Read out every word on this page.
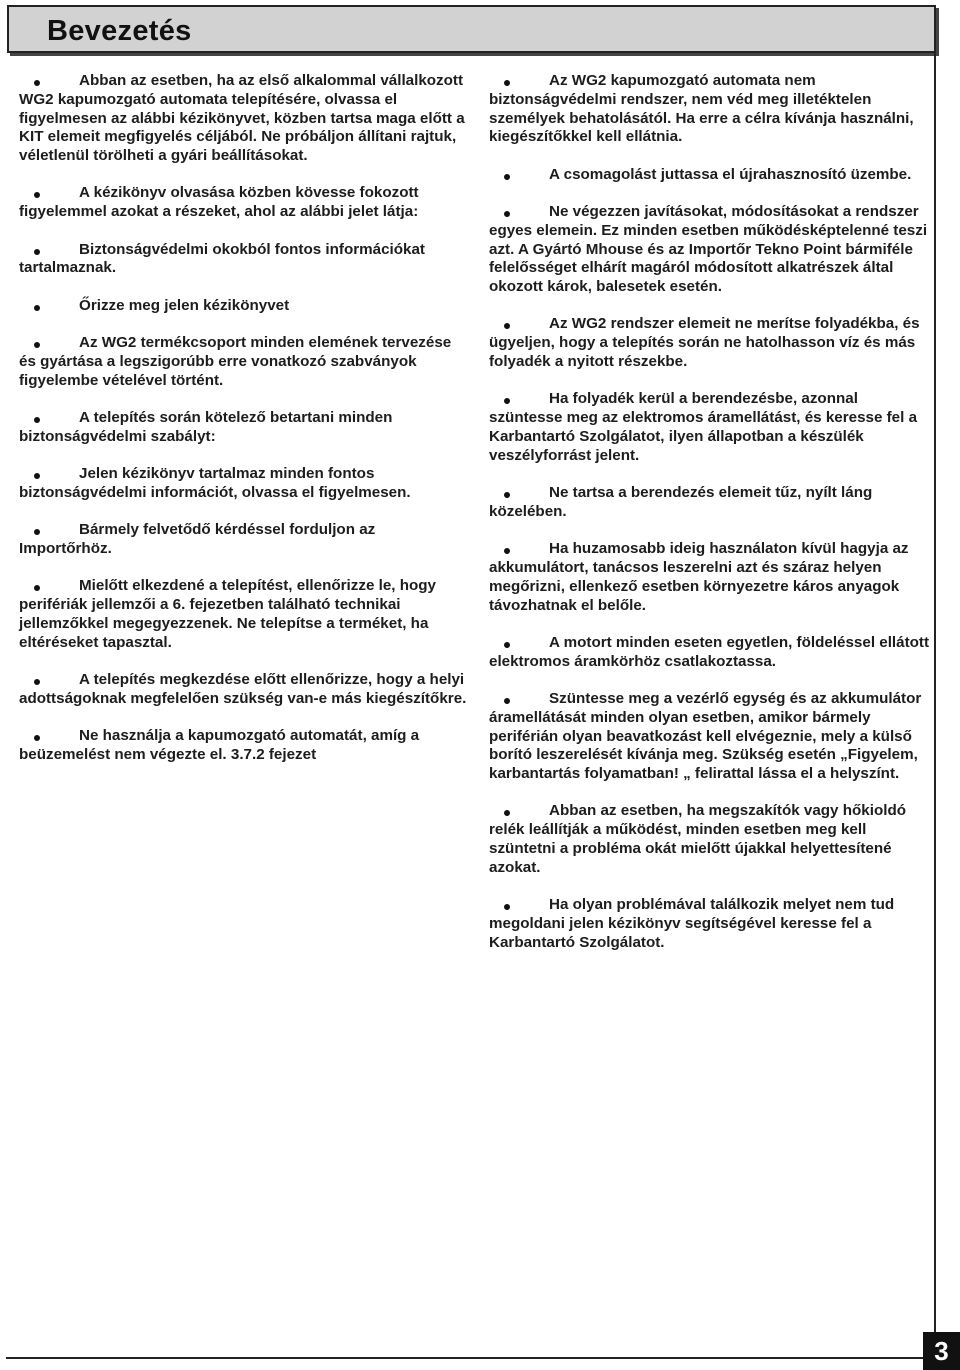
Bevezetés

Abban az esetben, ha az első alkalommal vállalkozott WG2 kapumozgató automata telepítésére, olvassa el figyelmesen az alábbi kézikönyvet, közben tartsa maga előtt a KIT elemeit megfigyelés céljából. Ne próbáljon állítani rajtuk, véletlenül törölheti a gyári beállításokat.

A kézikönyv olvasása közben kövesse fokozott figyelemmel azokat a részeket, ahol az alábbi jelet látja:

Biztonságvédelmi okokból fontos információkat tartalmaznak.

Őrizze meg jelen kézikönyvet

Az WG2 termékcsoport minden elemének tervezése és gyártása a legszigorúbb erre vonatkozó szabványok figyelembe vételével történt.

A telepítés során kötelező betartani minden biztonságvédelmi szabályt:

Jelen kézikönyv tartalmaz minden fontos biztonságvédelmi információt, olvassa el figyelmesen.

Bármely felvetődő kérdéssel forduljon az Importőrhöz.

Mielőtt elkezdené a telepítést, ellenőrizze le, hogy perifériák jellemzői a 6. fejezetben található technikai jellemzőkkel megegyezzenek. Ne telepítse a terméket, ha eltéréseket tapasztal.

A telepítés megkezdése előtt ellenőrizze, hogy a helyi adottságoknak megfelelően szükség van-e más kiegészítőkre.

Ne használja a kapumozgató automatát, amíg a beüzemelést nem végezte el. 3.7.2 fejezet

Az WG2 kapumozgató automata nem biztonságvédelmi rendszer, nem véd meg illetéktelen személyek behatolásától. Ha erre a célra kívánja használni, kiegészítőkkel kell ellátnia.

A csomagolást juttassa el újrahasznosító üzembe.

Ne végezzen javításokat, módosításokat a rendszer egyes elemein. Ez minden esetben működésképtelenné teszi azt. A Gyártó Mhouse és az Importőr Tekno Point bármiféle felelősséget elhárít magáról módosított alkatrészek által okozott károk, balesetek esetén.

Az WG2 rendszer elemeit ne merítse folyadékba, és ügyeljen, hogy a telepítés során ne hatolhasson víz és más folyadék a nyitott részekbe.

Ha folyadék kerül a berendezésbe, azonnal szüntesse meg az elektromos áramellátást, és keresse fel a Karbantartó Szolgálatot, ilyen állapotban a készülék veszélyforrást jelent.

Ne tartsa a berendezés elemeit tűz, nyílt láng közelében.

Ha huzamosabb ideig használaton kívül hagyja az akkumulátort, tanácsos leszerelni azt és száraz helyen megőrizni, ellenkező esetben környezetre káros anyagok távozhatnak el belőle.

A motort minden eseten egyetlen, földeléssel ellátott elektromos áramkörhöz csatlakoztassa.

Szüntesse meg a vezérlő egység és az akkumulátor áramellátását minden olyan esetben, amikor bármely periférián olyan beavatkozást kell elvégeznie, mely a külső borító leszerelését kívánja meg. Szükség esetén „Figyelem, karbantartás folyamatban! „ felirattal lássa el a helyszínt.

Abban az esetben, ha megszakítók vagy hőkioldó relék leállítják a működést, minden esetben meg kell szüntetni a probléma okát mielőtt újakkal helyettesítené azokat.

Ha olyan problémával találkozik melyet nem tud megoldani jelen kézikönyv segítségével keresse fel a Karbantartó Szolgálatot.

3
